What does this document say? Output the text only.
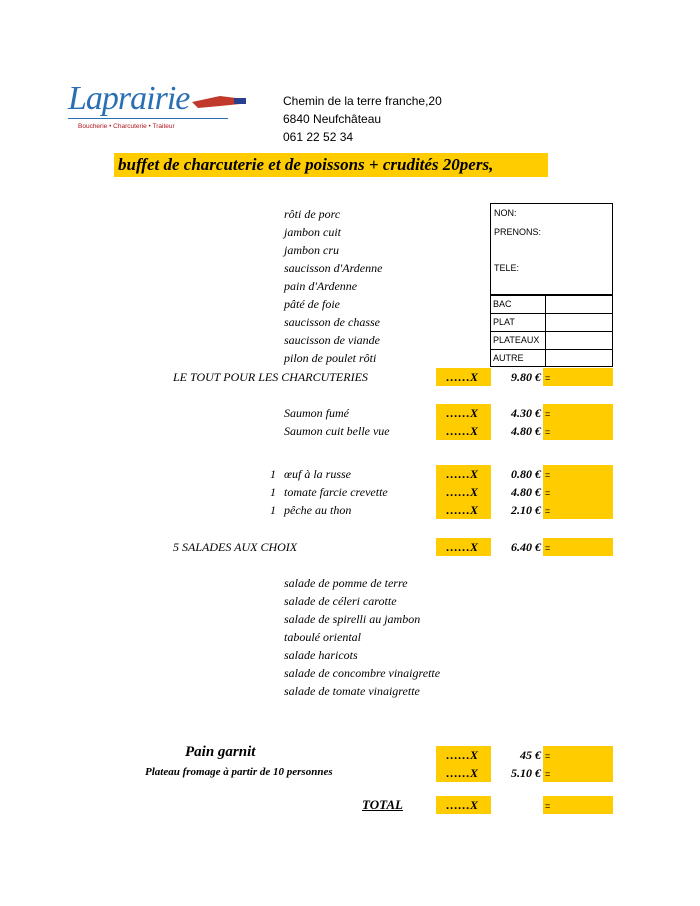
Laprairie
Boucherie • Charcuterie • Traiteur
Chemin de la terre franche,20
6840 Neufchâteau
061 22 52 34
buffet de charcuterie et de poissons + crudités 20pers,
NON:
PRENONS:
TELE:
BAC
PLAT
PLATEAUX
AUTRE
rôti de porc
jambon cuit
jambon cru
saucisson d'Ardenne
pain d'Ardenne
pâté de foie
saucisson de chasse
saucisson de viande
pilon de poulet rôti
LE TOUT POUR LES CHARCUTERIES	……X	9.80 € =
Saumon fumé	……X	4.30 € =
Saumon cuit belle vue	……X	4.80 € =
1 œuf à la russe	……X	0.80 € =
1 tomate farcie crevette	……X	4.80 € =
1 pêche au thon	……X	2.10 € =
5 SALADES AUX CHOIX	……X	6.40 € =
salade de pomme de terre
salade de céleri carotte
salade de spirelli au jambon
taboulé oriental
salade haricots
salade de concombre vinaigrette
salade de tomate vinaigrette
Pain garnit	……X	45 € =
Plateau fromage à partir de 10 personnes	……X	5.10 € =
TOTAL	……X	=
